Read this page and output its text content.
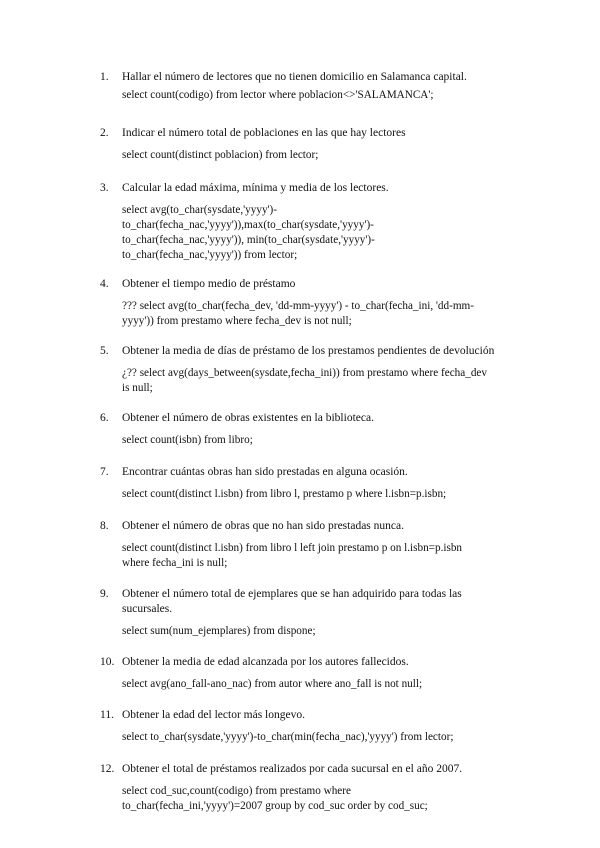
1. Hallar el número de lectores que no tienen domicilio en Salamanca capital.
select count(codigo) from lector where poblacion<>'SALAMANCA';
2. Indicar el número total de poblaciones en las que hay lectores
select count(distinct poblacion) from lector;
3. Calcular la edad máxima, mínima y media de los lectores.
select avg(to_char(sysdate,'yyyy')-
to_char(fecha_nac,'yyyy')),max(to_char(sysdate,'yyyy')-
to_char(fecha_nac,'yyyy')), min(to_char(sysdate,'yyyy')-
to_char(fecha_nac,'yyyy')) from lector;
4. Obtener el tiempo medio de préstamo
??? select avg(to_char(fecha_dev, 'dd-mm-yyyy') - to_char(fecha_ini, 'dd-mm-
yyyy')) from prestamo where fecha_dev is not null;
5. Obtener la media de días de préstamo de los prestamos pendientes de devolución
¿?? select avg(days_between(sysdate,fecha_ini)) from prestamo where fecha_dev
is null;
6. Obtener el número de obras existentes en la biblioteca.
select count(isbn) from libro;
7. Encontrar cuántas obras han sido prestadas en alguna ocasión.
select count(distinct l.isbn) from libro l, prestamo p where l.isbn=p.isbn;
8. Obtener el número de obras que no han sido prestadas nunca.
select count(distinct l.isbn) from libro l left join prestamo p on l.isbn=p.isbn
where fecha_ini is null;
9. Obtener el número total de ejemplares que se han adquirido para todas las
sucursales.
select sum(num_ejemplares) from dispone;
10. Obtener la media de edad alcanzada por los autores fallecidos.
select avg(ano_fall-ano_nac) from autor where ano_fall is not null;
11. Obtener la edad del lector más longevo.
select to_char(sysdate,'yyyy')-to_char(min(fecha_nac),'yyyy') from lector;
12. Obtener el total de préstamos realizados por cada sucursal en el año 2007.
select cod_suc,count(codigo) from prestamo where
to_char(fecha_ini,'yyyy')=2007 group by cod_suc order by cod_suc;
